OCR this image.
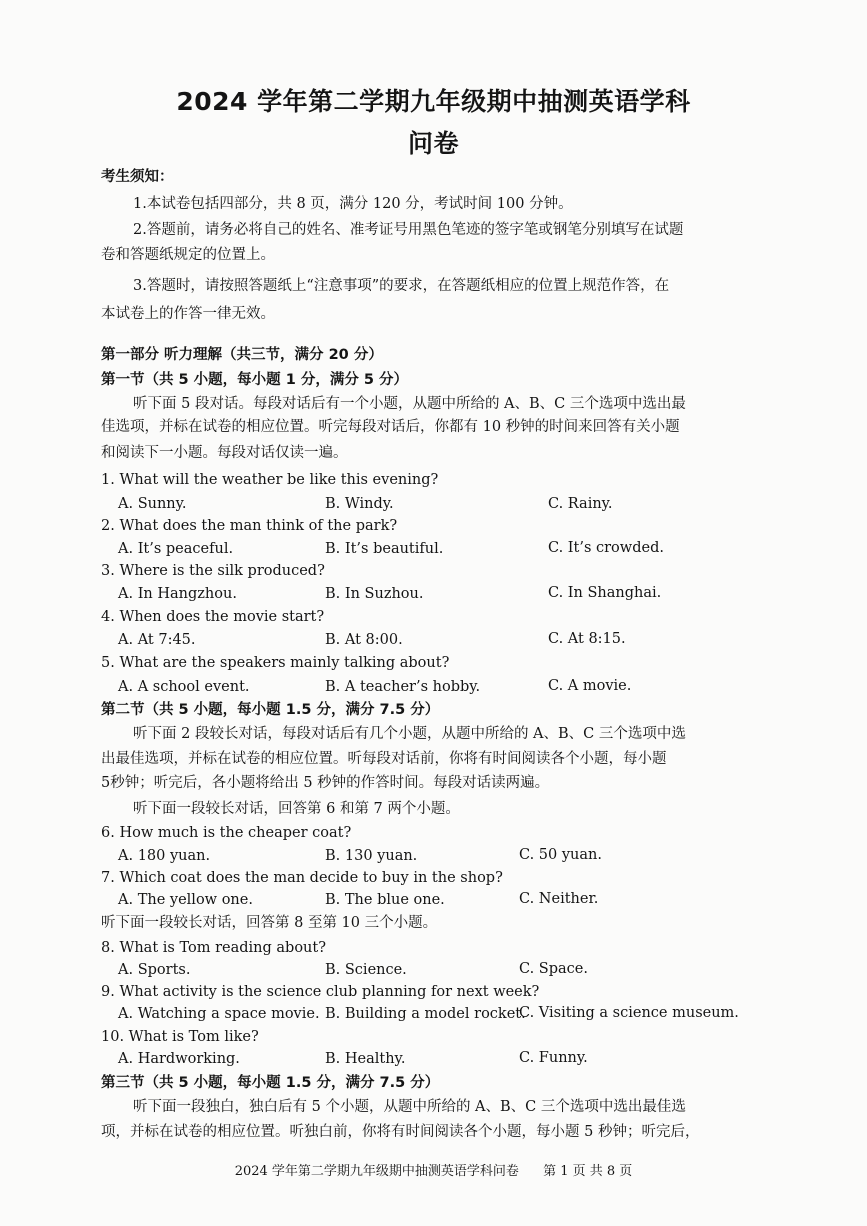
2024 学年第二学期九年级期中抽测英语学科
问卷
考生须知：
1.本试卷包括四部分，共 8 页，满分 120 分，考试时间 100 分钟。
2.答题前，请务必将自己的姓名、准考证号用黑色笔迹的签字笔或钢笔分别填写在试题
卷和答题纸规定的位置上。
3.答题时，请按照答题纸上“注意事项”的要求，在答题纸相应的位置上规范作答，在
本试卷上的作答一律无效。
第一部分 听力理解（共三节，满分 20 分）
第一节（共 5 小题，每小题 1 分，满分 5 分）
听下面 5 段对话。每段对话后有一个小题，从题中所给的 A、B、C 三个选项中选出最
佳选项，并标在试卷的相应位置。听完每段对话后，你都有 10 秒钟的时间来回答有关小题
和阅读下一小题。每段对话仅读一遍。
1. What will the weather be like this evening?
A. Sunny.	B. Windy.	C. Rainy.
2. What does the man think of the park?
A. It’s peaceful.	B. It’s beautiful.	C. It’s crowded.
3. Where is the silk produced?
A. In Hangzhou.	B. In Suzhou.	C. In Shanghai.
4. When does the movie start?
A. At 7:45.	B. At 8:00.	C. At 8:15.
5. What are the speakers mainly talking about?
A. A school event.	B. A teacher’s hobby.	C. A movie.
第二节（共 5 小题，每小题 1.5 分，满分 7.5 分）
听下面 2 段较长对话，每段对话后有几个小题，从题中所给的 A、B、C 三个选项中选
出最佳选项，并标在试卷的相应位置。听每段对话前，你将有时间阅读各个小题，每小题
5秒钟；听完后，各小题将给出 5 秒钟的作答时间。每段对话读两遍。
听下面一段较长对话，回答第 6 和第 7 两个小题。
6. How much is the cheaper coat?
A. 180 yuan.	B. 130 yuan.	C. 50 yuan.
7. Which coat does the man decide to buy in the shop?
A. The yellow one.	B. The blue one.	C. Neither.
听下面一段较长对话，回答第 8 至第 10 三个小题。
8. What is Tom reading about?
A. Sports.	B. Science.	C. Space.
9. What activity is the science club planning for next week?
A. Watching a space movie. B. Building a model rocket.
C. Visiting a science museum.
10. What is Tom like?
A. Hardworking.	B. Healthy.	C. Funny.
第三节（共 5 小题，每小题 1.5 分，满分 7.5 分）
听下面一段独白，独白后有 5 个小题，从题中所给的 A、B、C 三个选项中选出最佳选
项，并标在试卷的相应位置。听独白前，你将有时间阅读各个小题，每小题 5 秒钟；听完后，
2024 学年第二学期九年级期中抽测英语学科问卷 第 1 页 共 8 页
